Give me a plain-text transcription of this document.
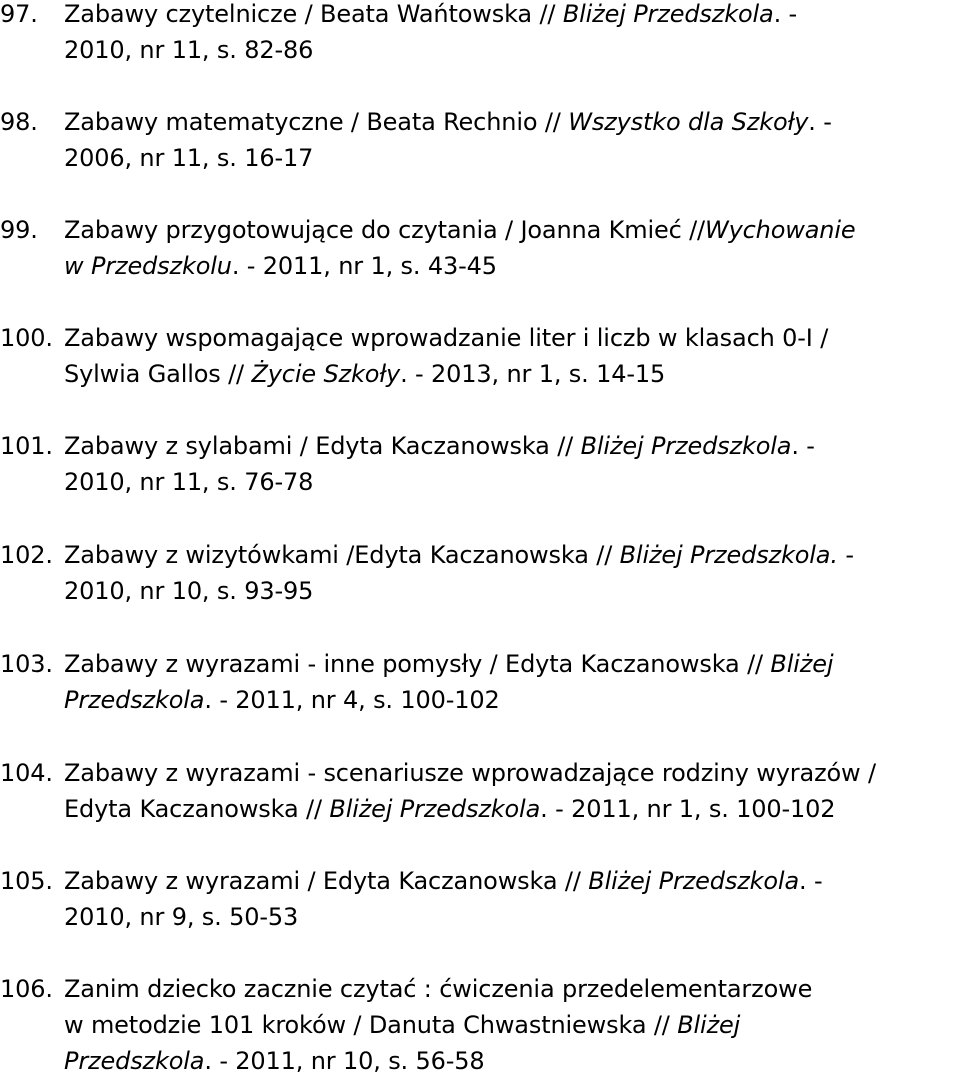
97. Zabawy czytelnicze / Beata Wańtowska // Bliżej Przedszkola. -
2010, nr 11, s. 82-86
98. Zabawy matematyczne / Beata Rechnio // Wszystko dla Szkoły. -
2006, nr 11, s. 16-17
99. Zabawy przygotowujące do czytania / Joanna Kmieć //Wychowanie
w Przedszkolu. - 2011, nr 1, s. 43-45
100. Zabawy wspomagające wprowadzanie liter i liczb w klasach 0-I /
Sylwia Gallos // Życie Szkoły. - 2013, nr 1, s. 14-15
101. Zabawy z sylabami / Edyta Kaczanowska // Bliżej Przedszkola. -
2010, nr 11, s. 76-78
102. Zabawy z wizytówkami /Edyta Kaczanowska // Bliżej Przedszkola. -
2010, nr 10, s. 93-95
103. Zabawy z wyrazami - inne pomysły / Edyta Kaczanowska // Bliżej
Przedszkola. - 2011, nr 4, s. 100-102
104. Zabawy z wyrazami - scenariusze wprowadzające rodziny wyrazów /
Edyta Kaczanowska // Bliżej Przedszkola. - 2011, nr 1, s. 100-102
105. Zabawy z wyrazami / Edyta Kaczanowska // Bliżej Przedszkola. -
2010, nr 9, s. 50-53
106. Zanim dziecko zacznie czytać : ćwiczenia przedelementarzowe
w metodzie 101 kroków / Danuta Chwastniewska // Bliżej
Przedszkola. - 2011, nr 10, s. 56-58
